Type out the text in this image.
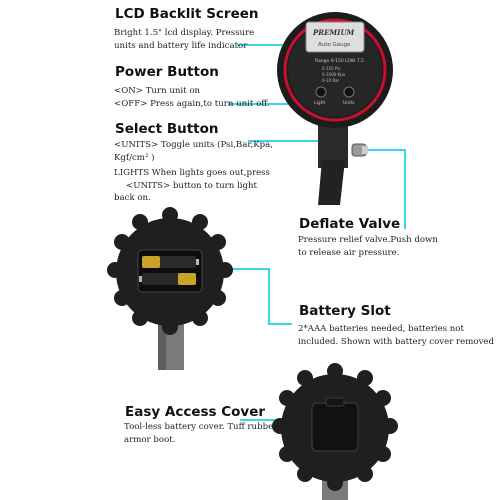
PREMIUM
Auto Gauge
Range 0-150 LOW 7.5
0-150 Psi
0-1000 Kpa
0-10 Bar
Light	Units
LCD Backlit Screen
Bright 1.5" lcd display. Pressure
units and battery life indicator
Power Button
<ON> Turn unit on
<OFF> Press again,to turn unit off.
Select Button
<UNITS> Toggle units (Psi,Bar,Kpa,
Kgf/cm² )
LIGHTS When lights goes out,press
<UNITS> button to turn light
back on.
Deflate Valve
Pressure relief valve.Push down
to release air pressure.
Battery Slot
2*AAA batteries needed, batteries not
included. Shown with battery cover removed
Easy Access Cover
Tool-less battery cover. Tuff rubber
armor boot.
